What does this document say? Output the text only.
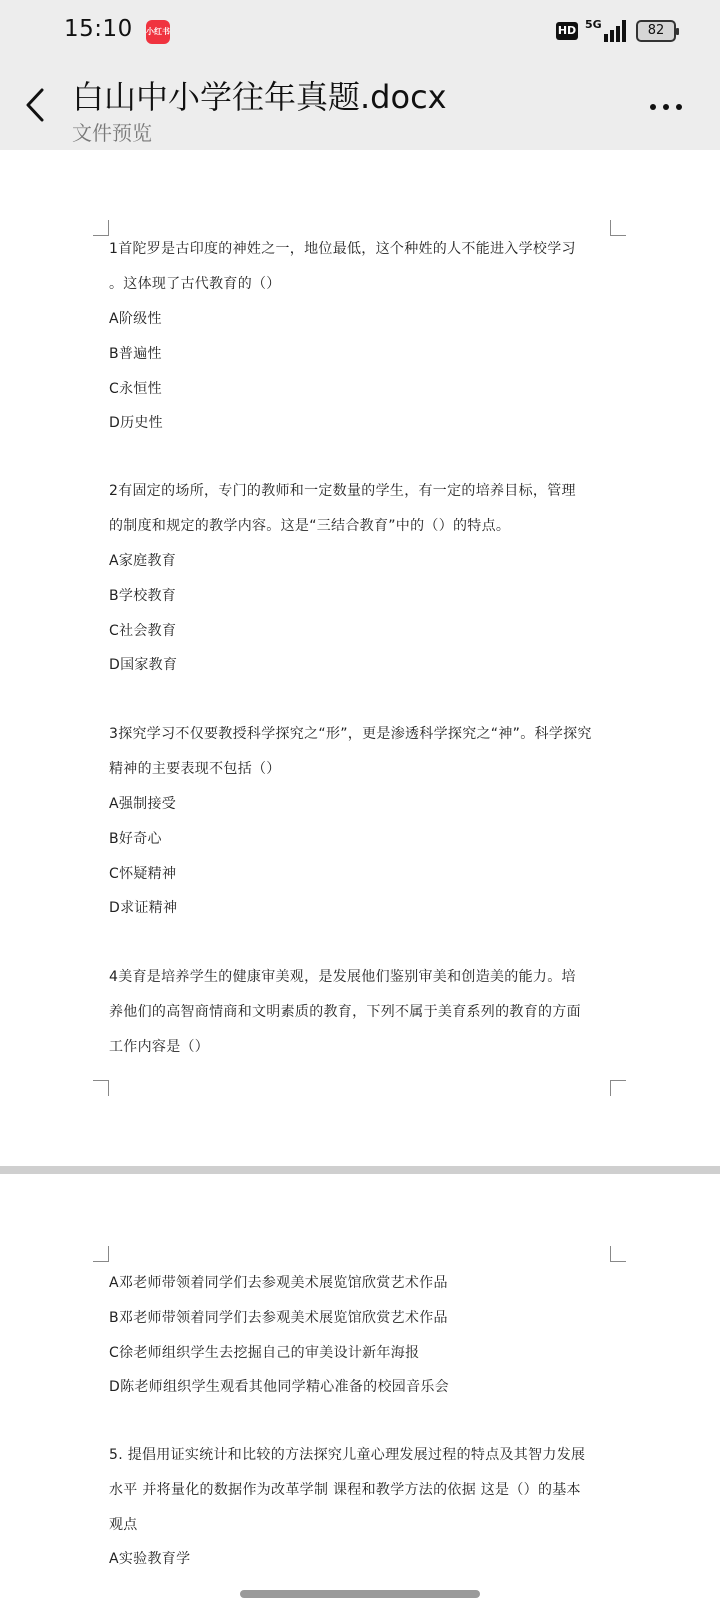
15:10 小红书	HD 5G	82
白山中小学往年真题.docx
文件预览
1首陀罗是古印度的神姓之一，地位最低，这个种姓的人不能进入学校学习
。这体现了古代教育的（）
A阶级性
B普遍性
C永恒性
D历史性
2有固定的场所，专门的教师和一定数量的学生，有一定的培养目标，管理
的制度和规定的教学内容。这是“三结合教育”中的（）的特点。
A家庭教育
B学校教育
C社会教育
D国家教育
3探究学习不仅要教授科学探究之“形”，更是渗透科学探究之“神”。科学探究
精神的主要表现不包括（）
A强制接受
B好奇心
C怀疑精神
D求证精神
4美育是培养学生的健康审美观，是发展他们鉴别审美和创造美的能力。培
养他们的高智商情商和文明素质的教育，下列不属于美育系列的教育的方面
工作内容是（）
A邓老师带领着同学们去参观美术展览馆欣赏艺术作品
B邓老师带领着同学们去参观美术展览馆欣赏艺术作品
C徐老师组织学生去挖掘自己的审美设计新年海报
D陈老师组织学生观看其他同学精心准备的校园音乐会
5. 提倡用证实统计和比较的方法探究儿童心理发展过程的特点及其智力发展
水平 并将量化的数据作为改革学制 课程和教学方法的依据 这是（）的基本
观点
A实验教育学
